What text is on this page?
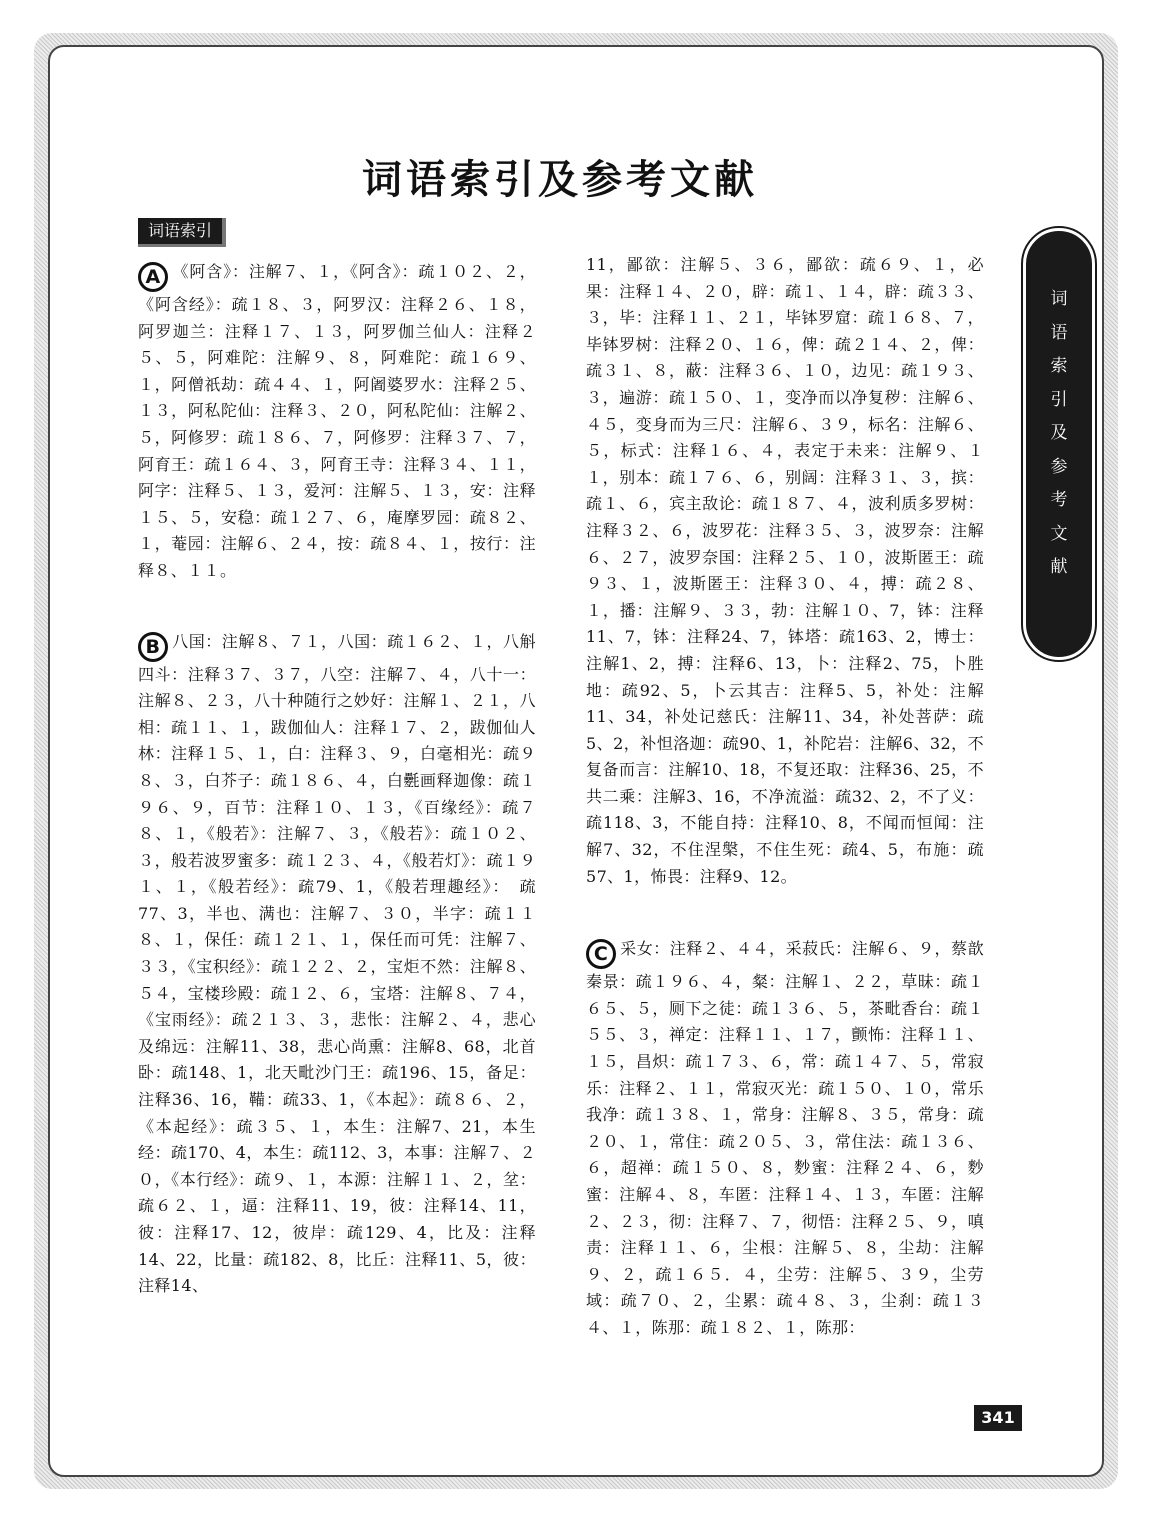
词语索引及参考文献
词语索引

A 《阿含》：注解７、１，《阿含》：疏１０２、２，《阿含经》：疏１８、３，阿罗汉：注释２６、１８，阿罗迦兰：注释１７、１３，阿罗伽兰仙人：注释２５、５，阿难陀：注解９、８，阿难陀：疏１６９、１，阿僧祇劫：疏４４、１，阿阇婆罗水：注释２５、１３，阿私陀仙：注释３、２０，阿私陀仙：注解２、５，阿修罗：疏１８６、７，阿修罗：注释３７、７，阿育王：疏１６４、３，阿育王寺：注释３４、１１，阿字：注释５、１３，爱河：注解５、１３，安：注释１５、５，安稳：疏１２７、６，庵摩罗园：疏８２、１，菴园：注解６、２４，按：疏８４、１，按行：注释８、１１。

B 八国：注解８、７１，八国：疏１６２、１，八斛四斗：注释３７、３７，八空：注解７、４，八十一：注解８、２３，八十种随行之妙好：注解１、２１，八相：疏１１、１，跋伽仙人：注释１７、２，跋伽仙人林：注释１５、１，白：注释３、９，白毫相光：疏９８、３，白芥子：疏１８６、４，白氎画释迦像：疏１９６、９，百节：注释１０、１３，《百缘经》：疏７８、１，《般若》：注解７、３，《般若》：疏１０２、３，般若波罗蜜多：疏１２３、４，《般若灯》：疏１９１、１，《般若经》：疏79、1，《般若理趣经》：　疏77、3，半也、满也：注解７、３０，半字：疏１１８、１，保任：疏１２１、１，保任而可凭：注解７、３３，《宝积经》：疏１２２、２，宝炬不然：注解８、５４，宝楼珍殿：疏１２、６，宝塔：注解８、７４，《宝雨经》：疏２１３、３，悲怅：注解２、４，悲心及绵远：注解11、38，悲心尚熏：注解8、68，北首卧：疏148、1，北天毗沙门王：疏196、15，备足：注释36、16，鞴：疏33、1，《本起》：疏８６、２，《本起经》：疏３５、１，本生：注解7、21，本生经：疏170、4，本生：疏112、3，本事：注解７、２０，《本行经》：疏９、１，本源：注解１１、２，坌：疏６２、１，逼：注释11、19，彼：注释14、11，彼：注释17、12，彼岸：疏129、4，比及：注释14、22，比量：疏182、8，比丘：注释11、5，彼：注释14、

11，鄙欲：注解５、３６，鄙欲：疏６９、１，必果：注释１４、２０，辟：疏１、１４，辟：疏３３、３，毕：注释１１、２１，毕钵罗窟：疏１６８、７，毕钵罗树：注释２０、１６，俾：疏２１４、２，俾：疏３１、８，蔽：注释３６、１０，边见：疏１９３、３，遍游：疏１５０、１，变净而以净复秽：注解６、４５，变身而为三尺：注解６、３９，标名：注解６、５，标式：注释１６、４，表定于未来：注解９、１１，别本：疏１７６、６，别阔：注释３１、３，摈：疏１、６，宾主敌论：疏１８７、４，波利质多罗树：注释３２、６，波罗花：注释３５、３，波罗奈：注解６、２７，波罗奈国：注释２５、１０，波斯匿王：疏９３、１，波斯匿王：注释３０、４，搏：疏２８、１，播：注解９、３３，勃：注解１０、7，钵：注释11、7，钵：注释24、7，钵塔：疏163、2，博士：注解1、2，搏：注释6、13，卜：注释2、75，卜胜地：疏92、5，卜云其吉：注释5、5，补处：注解11、34，补处记慈氏：注解11、34，补处菩萨：疏5、2，补怛洛迦：疏90、1，补陀岩：注解6、32，不复备而言：注解10、18，不复还取：注释36、25，不共二乘：注解3、16，不净流溢：疏32、2，不了义：疏118、3，不能自持：注释10、8，不闻而恒闻：注解7、32，不住涅槃，不住生死：疏4、5，布施：疏57、1，怖畏：注释9、12。

C 采女：注释２、４４，采菽氏：注解６、９，蔡歆秦景：疏１９６、４，粲：注解１、２２，草昧：疏１６５、５，厕下之徒：疏１３６、５，茶毗香台：疏１５５、３，禅定：注释１１、１７，颤怖：注释１１、１５，昌炽：疏１７３、６，常：疏１４７、５，常寂乐：注释２、１１，常寂灭光：疏１５０、１０，常乐我净：疏１３８、１，常身：注解８、３５，常身：疏２０、１，常住：疏２０５、３，常住法：疏１３６、６，超禅：疏１５０、８，麨蜜：注释２４、６，麨蜜：注解４、８，车匿：注释１４、１３，车匿：注解２、２３，彻：注释７、７，彻悟：注释２５、９，嗔责：注释１１、６，尘根：注解５、８，尘劫：注解９、２，疏１６５．４，尘劳：注解５、３９，尘劳域：疏７０、２，尘累：疏４８、３，尘刹：疏１３４、１，陈那：疏１８２、１，陈那：

词
语
索
引
及
参
考
文
献
341
